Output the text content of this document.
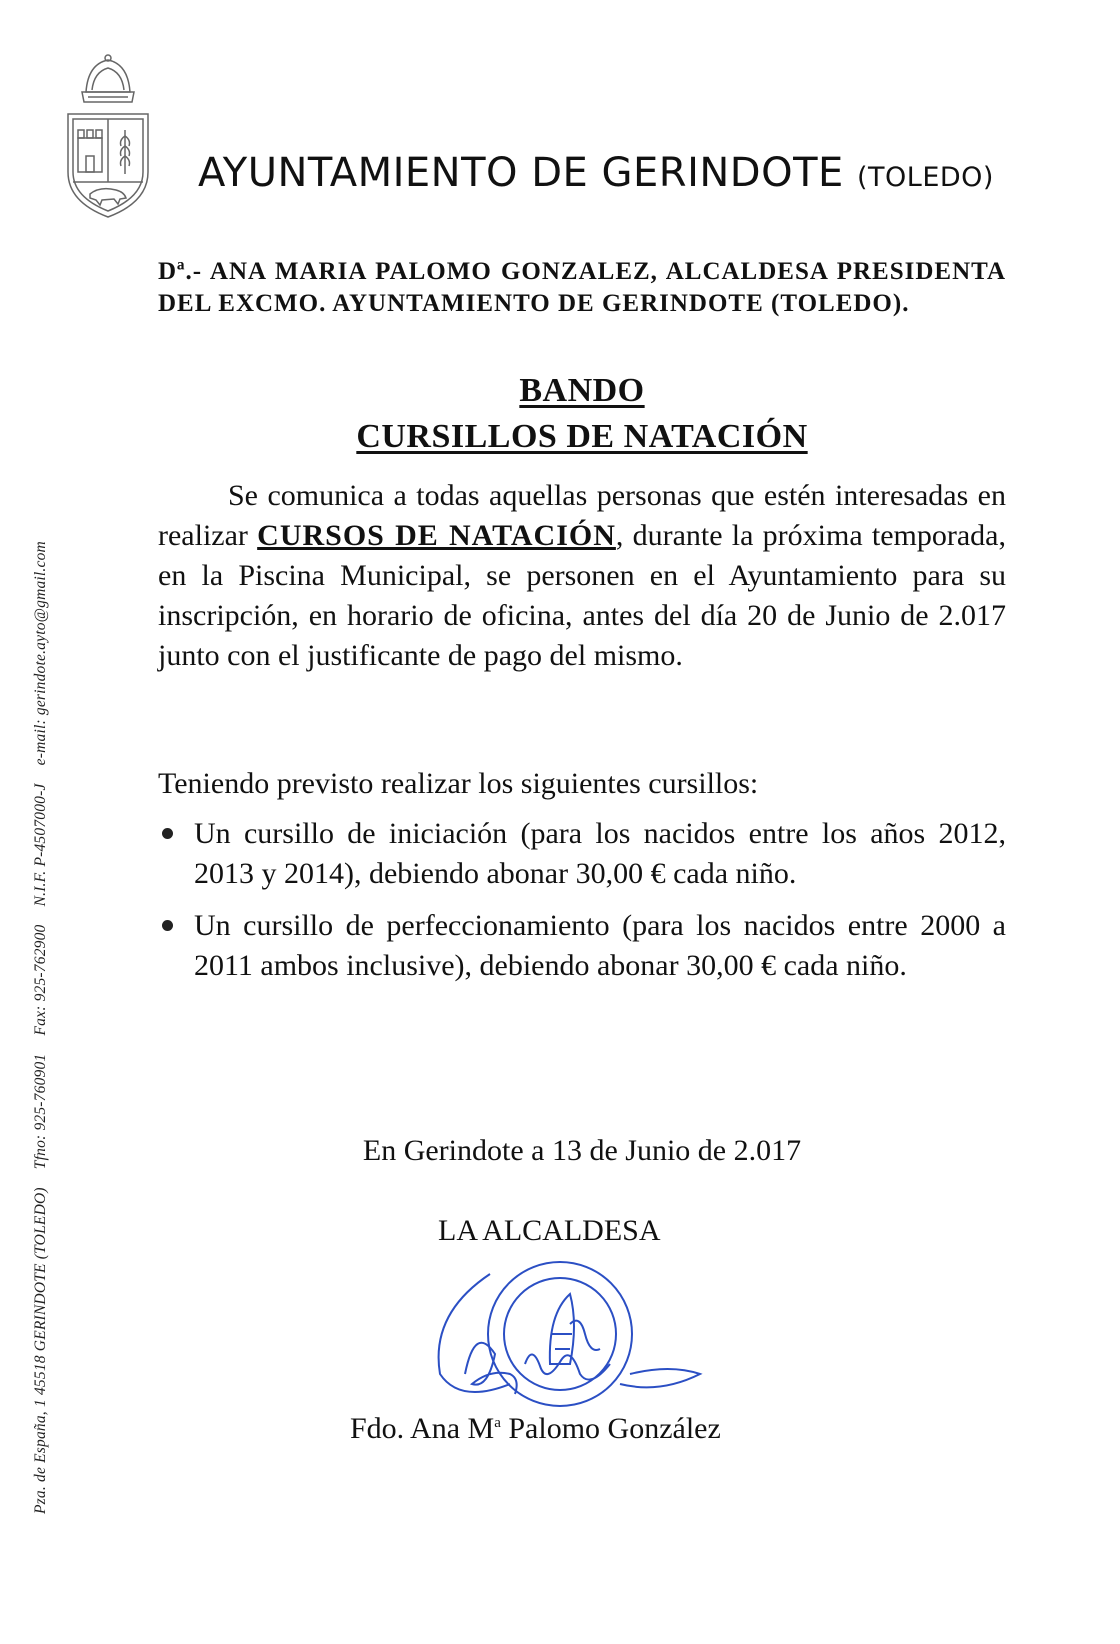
AYUNTAMIENTO DE GERINDOTE (TOLEDO)
Pza. de España, 1 45518 GERINDOTE (TOLEDO) Tfno: 925-760901 Fax: 925-762900 N.I.F. P-4507000-J e-mail: gerindote.ayto@gmail.com
Dª.- ANA MARIA PALOMO GONZALEZ, ALCALDESA PRESIDENTA DEL EXCMO. AYUNTAMIENTO DE GERINDOTE (TOLEDO).
BANDO
CURSILLOS DE NATACIÓN
Se comunica a todas aquellas personas que estén interesadas en realizar CURSOS DE NATACIÓN, durante la próxima temporada, en la Piscina Municipal, se personen en el Ayuntamiento para su inscripción, en horario de oficina, antes del día 20 de Junio de 2.017 junto con el justificante de pago del mismo.
Teniendo previsto realizar los siguientes cursillos:
Un cursillo de iniciación (para los nacidos entre los años 2012, 2013 y 2014), debiendo abonar 30,00 € cada niño.
Un cursillo de perfeccionamiento (para los nacidos entre 2000 a 2011 ambos inclusive), debiendo abonar 30,00 € cada niño.
En Gerindote a 13 de Junio de 2.017
LA ALCALDESA
Fdo. Ana $M^a$ Palomo González
